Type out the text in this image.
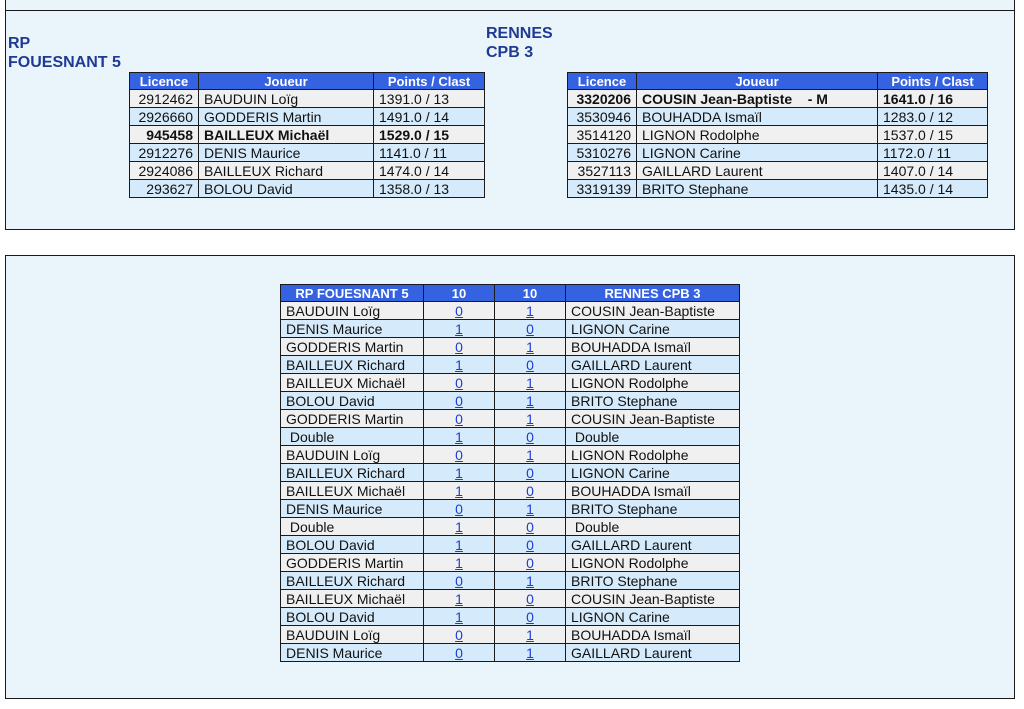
RP
FOUESNANT 5
RENNES
CPB 3
Licence	Joueur	Points / Clast
2912462	BAUDUIN Loïg	1391.0 / 13
2926660	GODDERIS Martin	1491.0 / 14
945458	BAILLEUX Michaël	1529.0 / 15
2912276	DENIS Maurice	1141.0 / 11
2924086	BAILLEUX Richard	1474.0 / 14
293627	BOLOU David	1358.0 / 13
Licence	Joueur	Points / Clast
3320206	COUSIN Jean-Baptiste    - M	1641.0 / 16
3530946	BOUHADDA Ismaïl	1283.0 / 12
3514120	LIGNON Rodolphe	1537.0 / 15
5310276	LIGNON Carine	1172.0 / 11
3527113	GAILLARD Laurent	1407.0 / 14
3319139	BRITO Stephane	1435.0 / 14
RP FOUESNANT 5	10	10	RENNES CPB 3
BAUDUIN Loïg	0	1	COUSIN Jean-Baptiste
DENIS Maurice	1	0	LIGNON Carine
GODDERIS Martin	0	1	BOUHADDA Ismaïl
BAILLEUX Richard	1	0	GAILLARD Laurent
BAILLEUX Michaël	0	1	LIGNON Rodolphe
BOLOU David	0	1	BRITO Stephane
GODDERIS Martin	0	1	COUSIN Jean-Baptiste
Double	1	0	Double
BAUDUIN Loïg	0	1	LIGNON Rodolphe
BAILLEUX Richard	1	0	LIGNON Carine
BAILLEUX Michaël	1	0	BOUHADDA Ismaïl
DENIS Maurice	0	1	BRITO Stephane
Double	1	0	Double
BOLOU David	1	0	GAILLARD Laurent
GODDERIS Martin	1	0	LIGNON Rodolphe
BAILLEUX Richard	0	1	BRITO Stephane
BAILLEUX Michaël	1	0	COUSIN Jean-Baptiste
BOLOU David	1	0	LIGNON Carine
BAUDUIN Loïg	0	1	BOUHADDA Ismaïl
DENIS Maurice	0	1	GAILLARD Laurent
